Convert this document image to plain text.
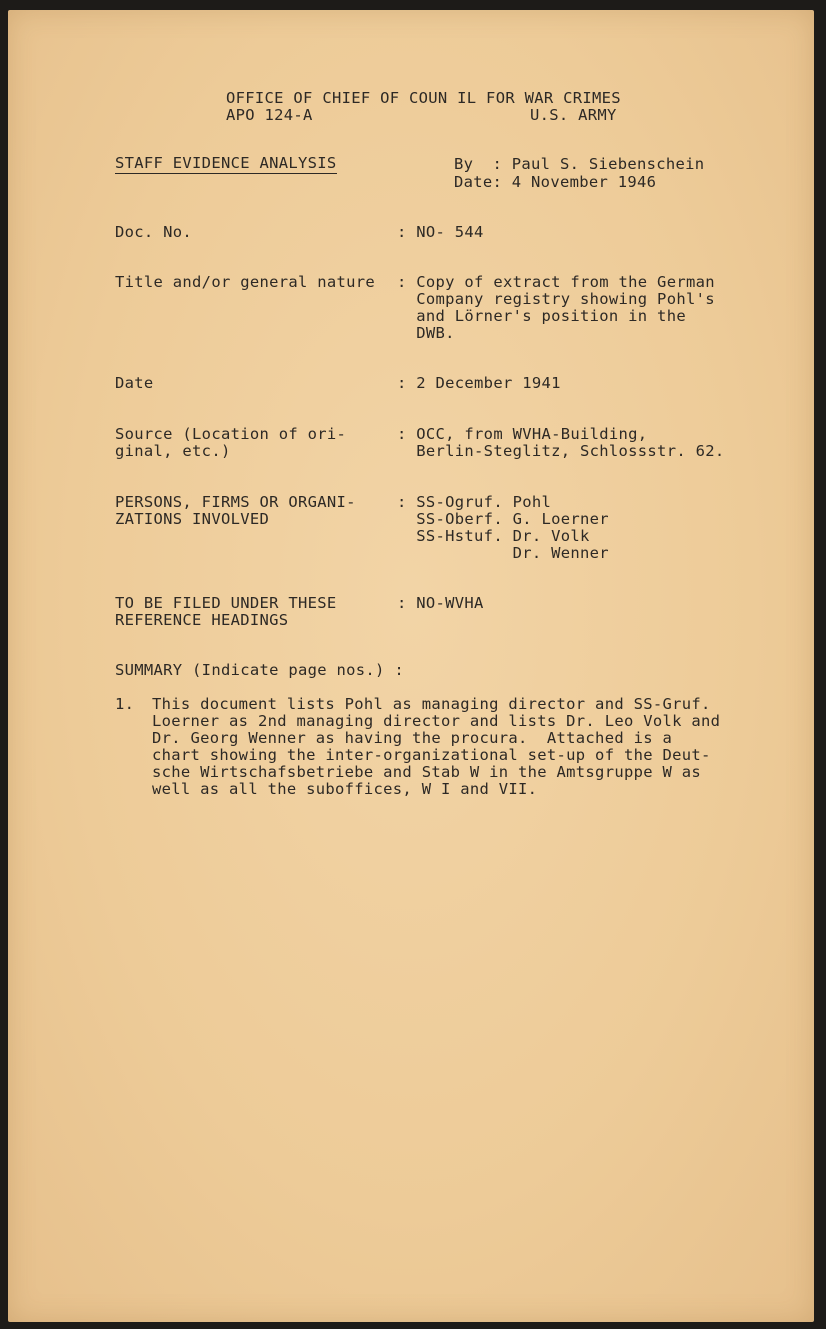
OFFICE OF CHIEF OF COUN IL FOR WAR CRIMES
APO 124-A	U.S. ARMY
STAFF EVIDENCE ANALYSIS	By  : Paul S. Siebenschein
Date: 4 November 1946
Doc. No.	: NO- 544
Title and/or general nature : Copy of extract from the German
Company registry showing Pohl's
and Lörner's position in the
DWB.
Date	: 2 December 1941
Source (Location of ori-
ginal, etc.)
: OCC, from WVHA-Building,
Berlin-Steglitz, Schlossstr. 62.
PERSONS, FIRMS OR ORGANI-
ZATIONS INVOLVED
: SS-Ogruf. Pohl
SS-Oberf. G. Loerner
SS-Hstuf. Dr. Volk
Dr. Wenner
TO BE FILED UNDER THESE
REFERENCE HEADINGS
: NO-WVHA
SUMMARY (Indicate page nos.) :
1. This document lists Pohl as managing director and SS-Gruf.
Loerner as 2nd managing director and lists Dr. Leo Volk and
Dr. Georg Wenner as having the procura.  Attached is a
chart showing the inter-organizational set-up of the Deut-
sche Wirtschafsbetriebe and Stab W in the Amtsgruppe W as
well as all the suboffices, W I and VII.
